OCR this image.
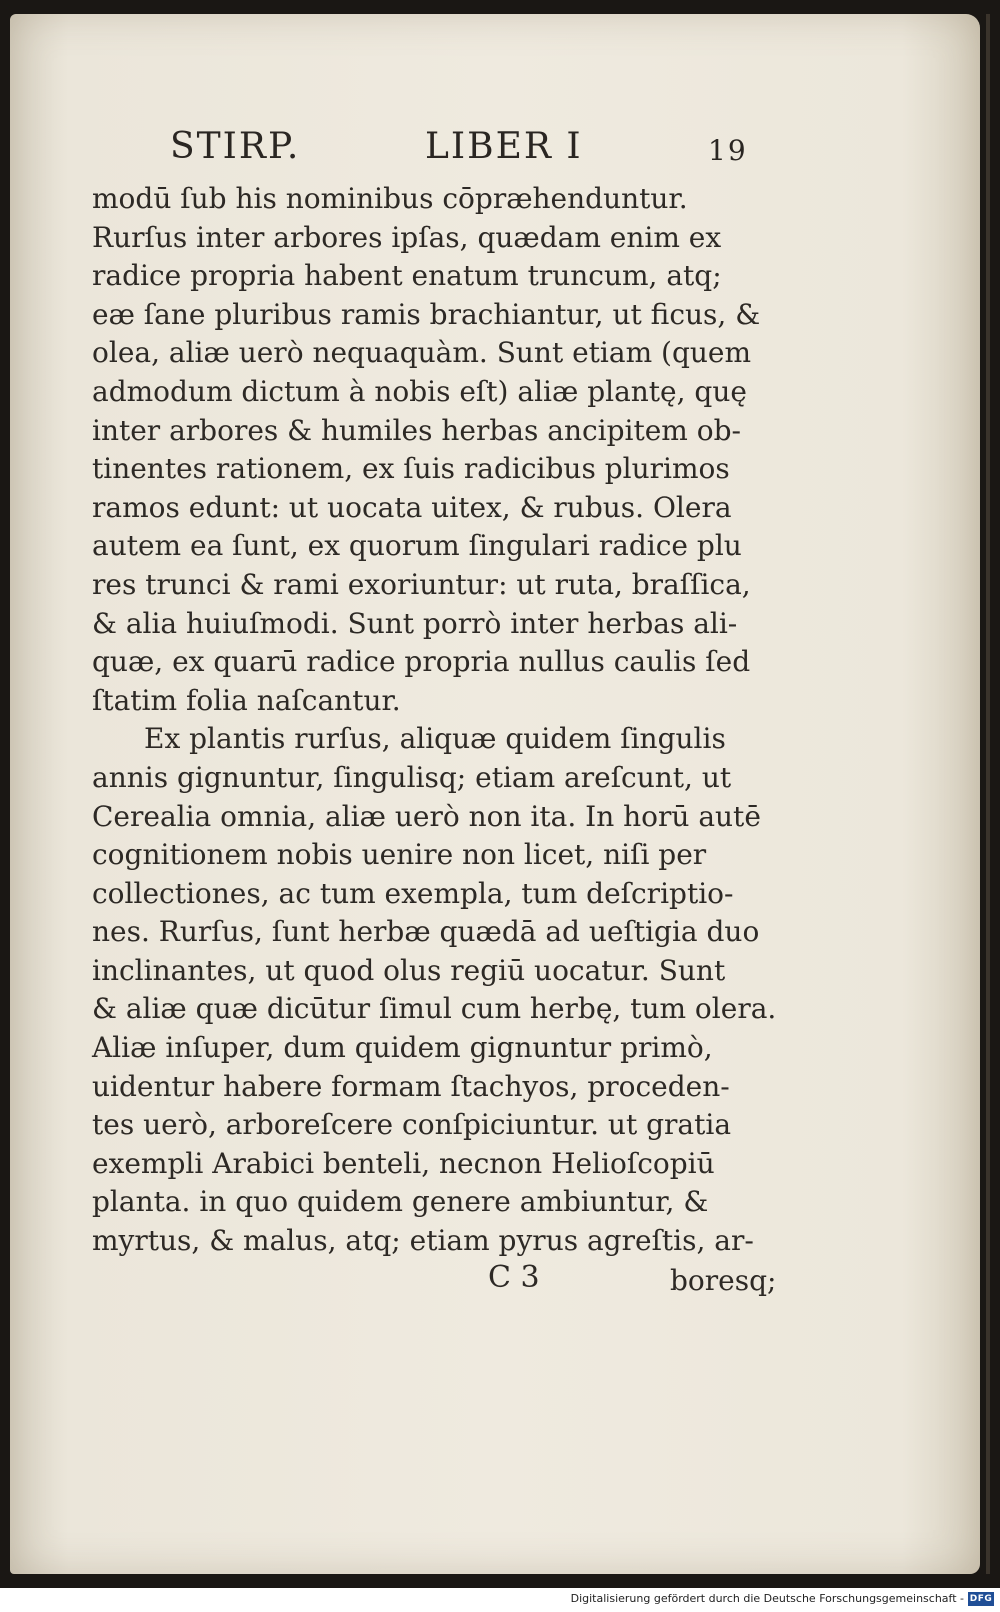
STIRP.	LIBER I	19
modū ſub his nominibus cōpræhenduntur.
Rurſus inter arbores ipſas, quædam enim ex
radice propria habent enatum truncum, atq;
eæ ſane pluribus ramis brachiantur, ut ficus, &
olea, aliæ uerò nequaquàm. Sunt etiam (quem
admodum dictum à nobis eſt) aliæ plantę, quę
inter arbores & humiles herbas ancipitem ob-
tinentes rationem, ex ſuis radicibus plurimos
ramos edunt: ut uocata uitex, & rubus. Olera
autem ea ſunt, ex quorum ſingulari radice plu
res trunci & rami exoriuntur: ut ruta, braſſica,
& alia huiuſmodi. Sunt porrò inter herbas ali-
quæ, ex quarū radice propria nullus caulis ſed
ſtatim folia naſcantur.
Ex plantis rurſus, aliquæ quidem ſingulis
annis gignuntur, ſingulisq; etiam areſcunt, ut
Cerealia omnia, aliæ uerò non ita. In horū autē
cognitionem nobis uenire non licet, niſi per
collectiones, ac tum exempla, tum deſcriptio-
nes. Rurſus, ſunt herbæ quædā ad ueſtigia duo
inclinantes, ut quod olus regiū uocatur. Sunt
& aliæ quæ dicūtur ſimul cum herbę, tum olera.
Aliæ inſuper, dum quidem gignuntur primò,
uidentur habere formam ſtachyos, proceden-
tes uerò, arboreſcere conſpiciuntur. ut gratia
exempli Arabici benteli, necnon Helioſcopiū
planta. in quo quidem genere ambiuntur, &
myrtus, & malus, atq; etiam pyrus agreſtis, ar-
C 3	boresq;
Digitalisierung gefördert durch die Deutsche Forschungsgemeinschaft - DFG
